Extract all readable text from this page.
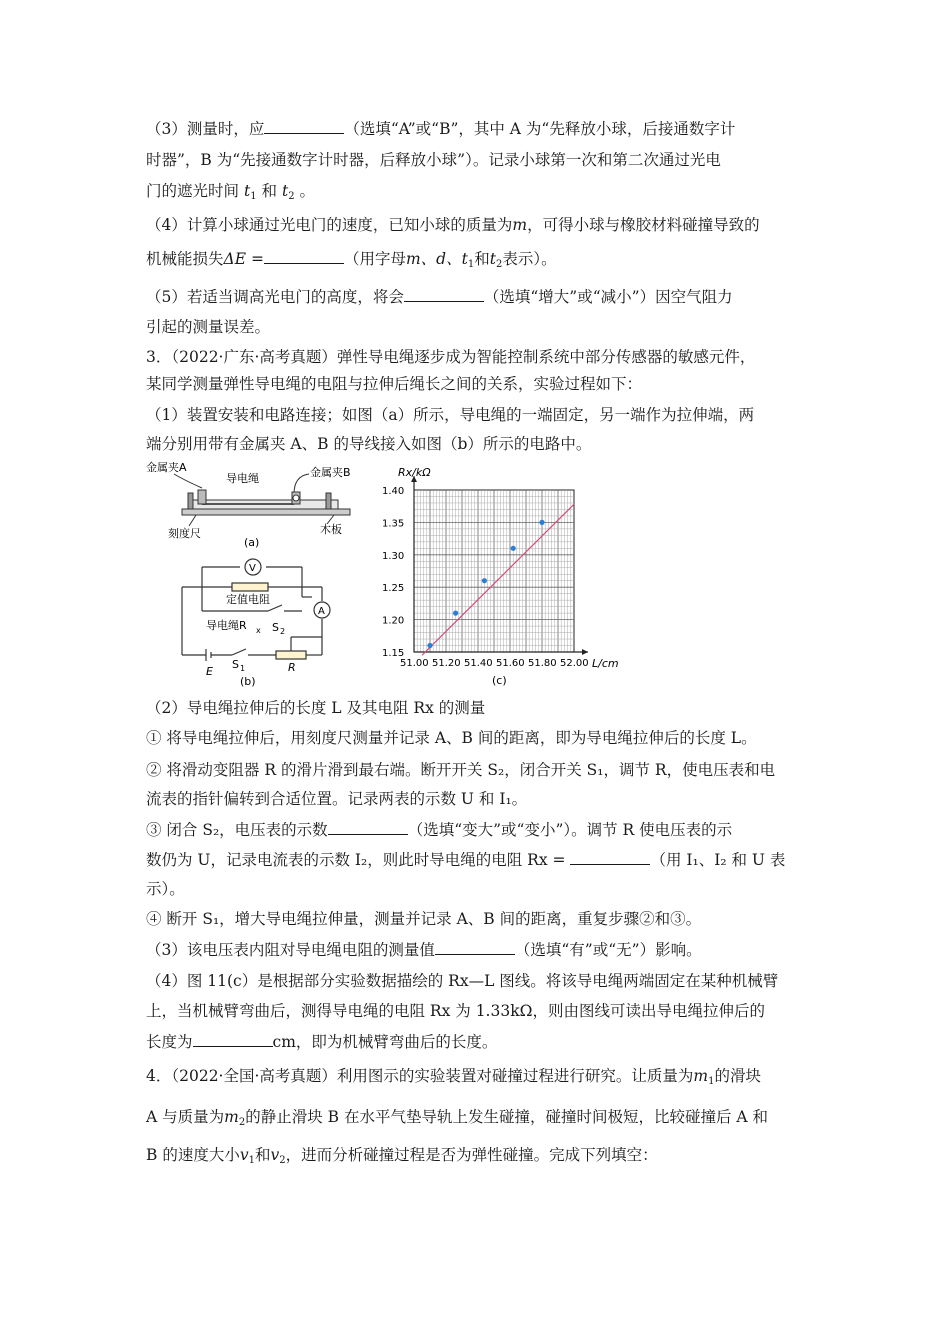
（3）测量时，应	（选填“A”或“B”，其中 A 为“先释放小球，后接通数字计
时器”，B 为“先接通数字计时器，后释放小球”）。记录小球第一次和第二次通过光电
门的遮光时间 $t_1$ 和 $t_2$ 。
（4）计算小球通过光电门的速度，已知小球的质量为m，可得小球与橡胶材料碰撞导致的
机械能损失ΔE =	（用字母m、d、$t_1$和$t_2$表示）。
（5）若适当调高光电门的高度，将会	（选填“增大”或“减小”）因空气阻力
引起的测量误差。
3．（2022·广东·高考真题）弹性导电绳逐步成为智能控制系统中部分传感器的敏感元件，
某同学测量弹性导电绳的电阻与拉伸后绳长之间的关系，实验过程如下：
（1）装置安装和电路连接；如图（a）所示，导电绳的一端固定，另一端作为拉伸端，两
端分别用带有金属夹 A、B 的导线接入如图（b）所示的电路中。
金属夹A
导电绳	金属夹B
刻度尺	木板
(a)
V
A
定值电阻
导电绳R x S 2
E
S 1	R
(b)
51.00 51.20 51.40 51.60 51.80 52.00
1.15
1.20
1.25
1.30
1.35
1.40
Rx/kΩ
L/cm
(c)
（2）导电绳拉伸后的长度 L 及其电阻 Rx 的测量
① 将导电绳拉伸后，用刻度尺测量并记录 A、B 间的距离，即为导电绳拉伸后的长度 L。
② 将滑动变阻器 R 的滑片滑到最右端。断开开关 S₂，闭合开关 S₁，调节 R，使电压表和电
流表的指针偏转到合适位置。记录两表的示数 U 和 I₁。
③ 闭合 S₂，电压表的示数	（选填“变大”或“变小”）。调节 R 使电压表的示
数仍为 U，记录电流表的示数 I₂，则此时导电绳的电阻 Rx =	（用 I₁、I₂ 和 U 表
示）。
④ 断开 S₁，增大导电绳拉伸量，测量并记录 A、B 间的距离，重复步骤②和③。
（3）该电压表内阻对导电绳电阻的测量值	（选填“有”或“无”）影响。
（4）图 11(c）是根据部分实验数据描绘的 Rx—L 图线。将该导电绳两端固定在某种机械臂
上，当机械臂弯曲后，测得导电绳的电阻 Rx 为 1.33kΩ，则由图线可读出导电绳拉伸后的
长度为	cm，即为机械臂弯曲后的长度。
4．（2022·全国·高考真题）利用图示的实验装置对碰撞过程进行研究。让质量为$m_1$的滑块
A 与质量为$m_2$的静止滑块 B 在水平气垫导轨上发生碰撞，碰撞时间极短，比较碰撞后 A 和
B 的速度大小$v_1$和$v_2$，进而分析碰撞过程是否为弹性碰撞。完成下列填空：
